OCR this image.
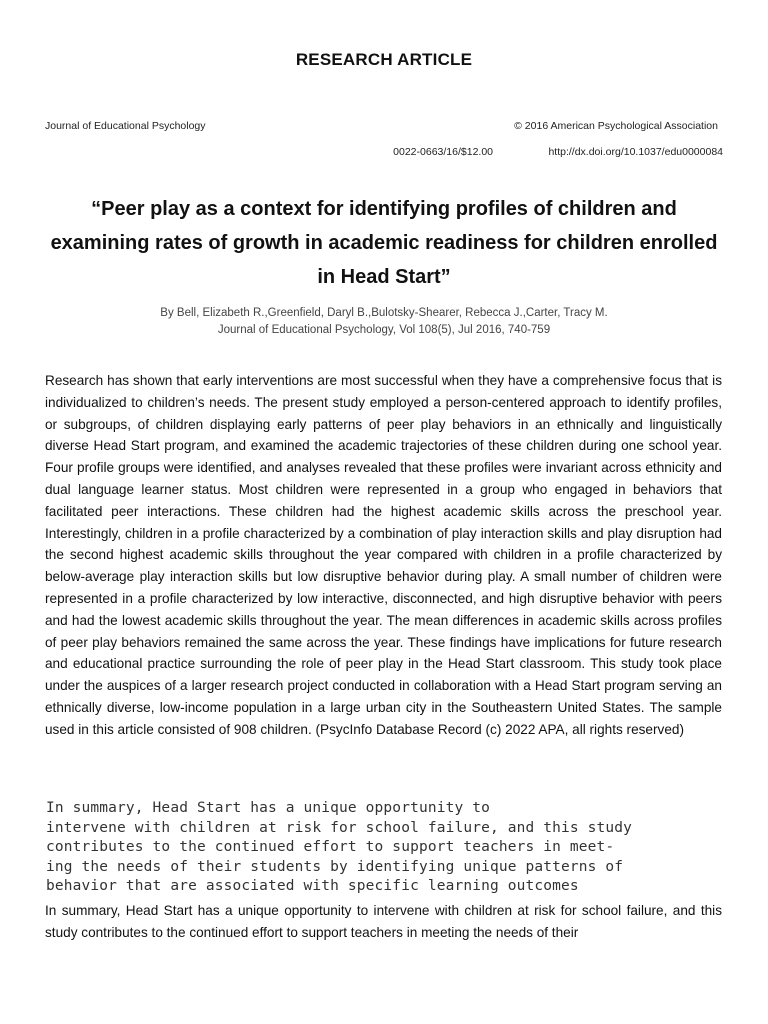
RESEARCH ARTICLE
Journal of Educational Psychology	© 2016 American Psychological Association
0022-0663/16/$12.00	http://dx.doi.org/10.1037/edu0000084
“Peer play as a context for identifying profiles of children and examining rates of growth in academic readiness for children enrolled in Head Start”
By Bell, Elizabeth R.,Greenfield, Daryl B.,Bulotsky-Shearer, Rebecca J.,Carter, Tracy M.
Journal of Educational Psychology, Vol 108(5), Jul 2016, 740-759
Research has shown that early interventions are most successful when they have a comprehensive focus that is individualized to children’s needs. The present study employed a person-centered approach to identify profiles, or subgroups, of children displaying early patterns of peer play behaviors in an ethnically and linguistically diverse Head Start program, and examined the academic trajectories of these children during one school year. Four profile groups were identified, and analyses revealed that these profiles were invariant across ethnicity and dual language learner status. Most children were represented in a group who engaged in behaviors that facilitated peer interactions. These children had the highest academic skills across the preschool year. Interestingly, children in a profile characterized by a combination of play interaction skills and play disruption had the second highest academic skills throughout the year compared with children in a profile characterized by below-average play interaction skills but low disruptive behavior during play. A small number of children were represented in a profile characterized by low interactive, disconnected, and high disruptive behavior with peers and had the lowest academic skills throughout the year. The mean differences in academic skills across profiles of peer play behaviors remained the same across the year. These findings have implications for future research and educational practice surrounding the role of peer play in the Head Start classroom. This study took place under the auspices of a larger research project conducted in collaboration with a Head Start program serving an ethnically diverse, low-income population in a large urban city in the Southeastern United States. The sample used in this article consisted of 908 children. (PsycInfo Database Record (c) 2022 APA, all rights reserved)
In summary, Head Start has a unique opportunity to
intervene with children at risk for school failure, and this study
contributes to the continued effort to support teachers in meet-
ing the needs of their students by identifying unique patterns of
behavior that are associated with specific learning outcomes
In summary, Head Start has a unique opportunity to intervene with children at risk for school failure, and this study contributes to the continued effort to support teachers in meeting the needs of their
